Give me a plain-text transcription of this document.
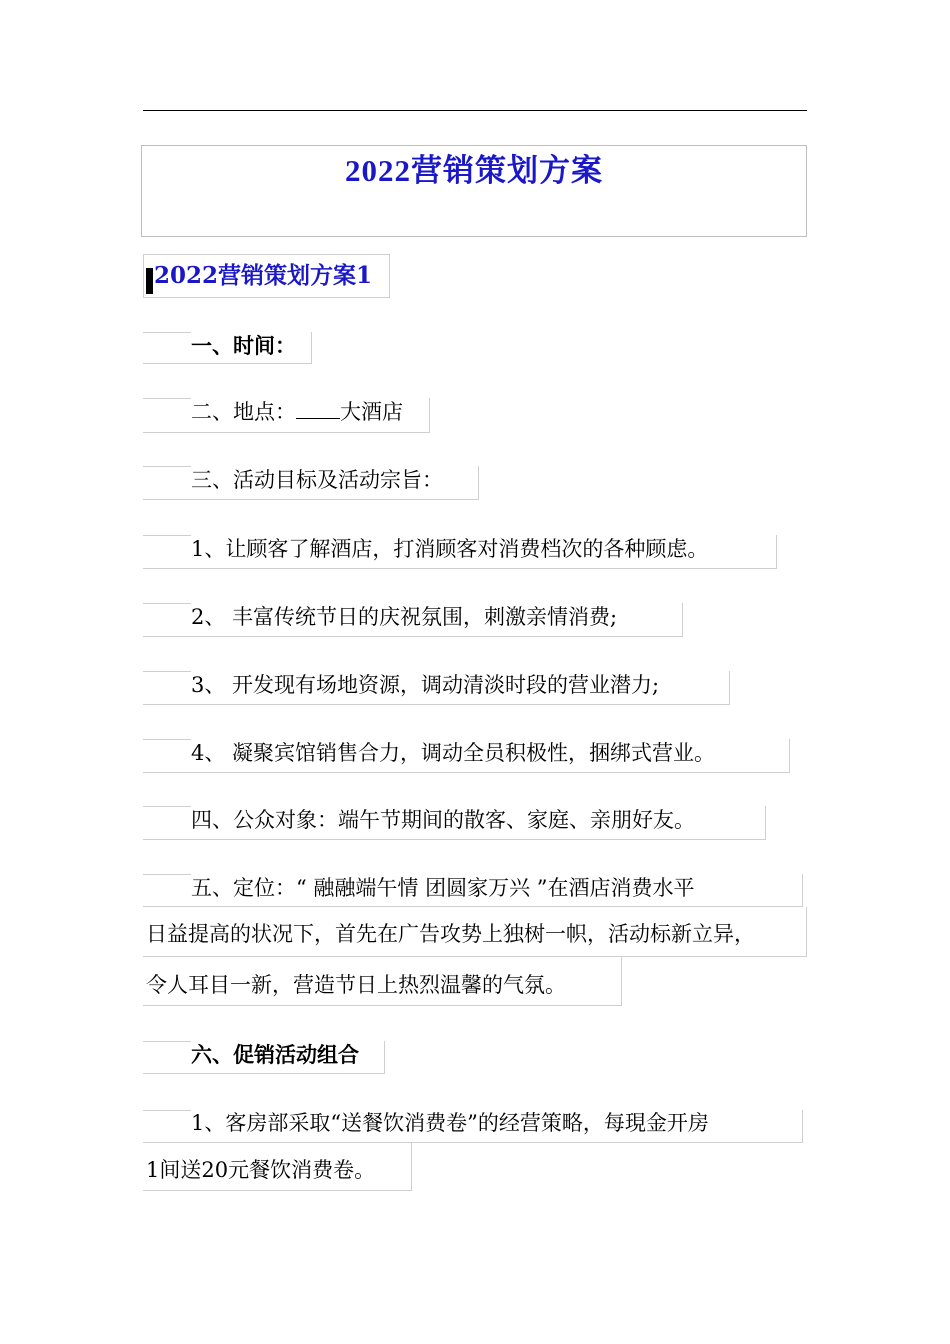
2022营销策划方案
2022营销策划方案1
一、时间：
二、地点： 大酒店
三、活动目标及活动宗旨：
1、让顾客了解酒店，打消顾客对消费档次的各种顾虑。
2、 丰富传统节日的庆祝氛围，刺激亲情消费;
3、 开发现有场地资源，调动清淡时段的营业潜力;
4、 凝聚宾馆销售合力，调动全员积极性，捆绑式营业。
四、公众对象：端午节期间的散客、家庭、亲朋好友。
五、定位：“ 融融端午情 团圆家万兴 ”在酒店消费水平
日益提高的状况下，首先在广告攻势上独树一帜，活动标新立异，
令人耳目一新，营造节日上热烈温馨的气氛。
六、促销活动组合
1、客房部采取“送餐饮消费卷”的经营策略，每現金开房
1间送20元餐饮消费卷。
